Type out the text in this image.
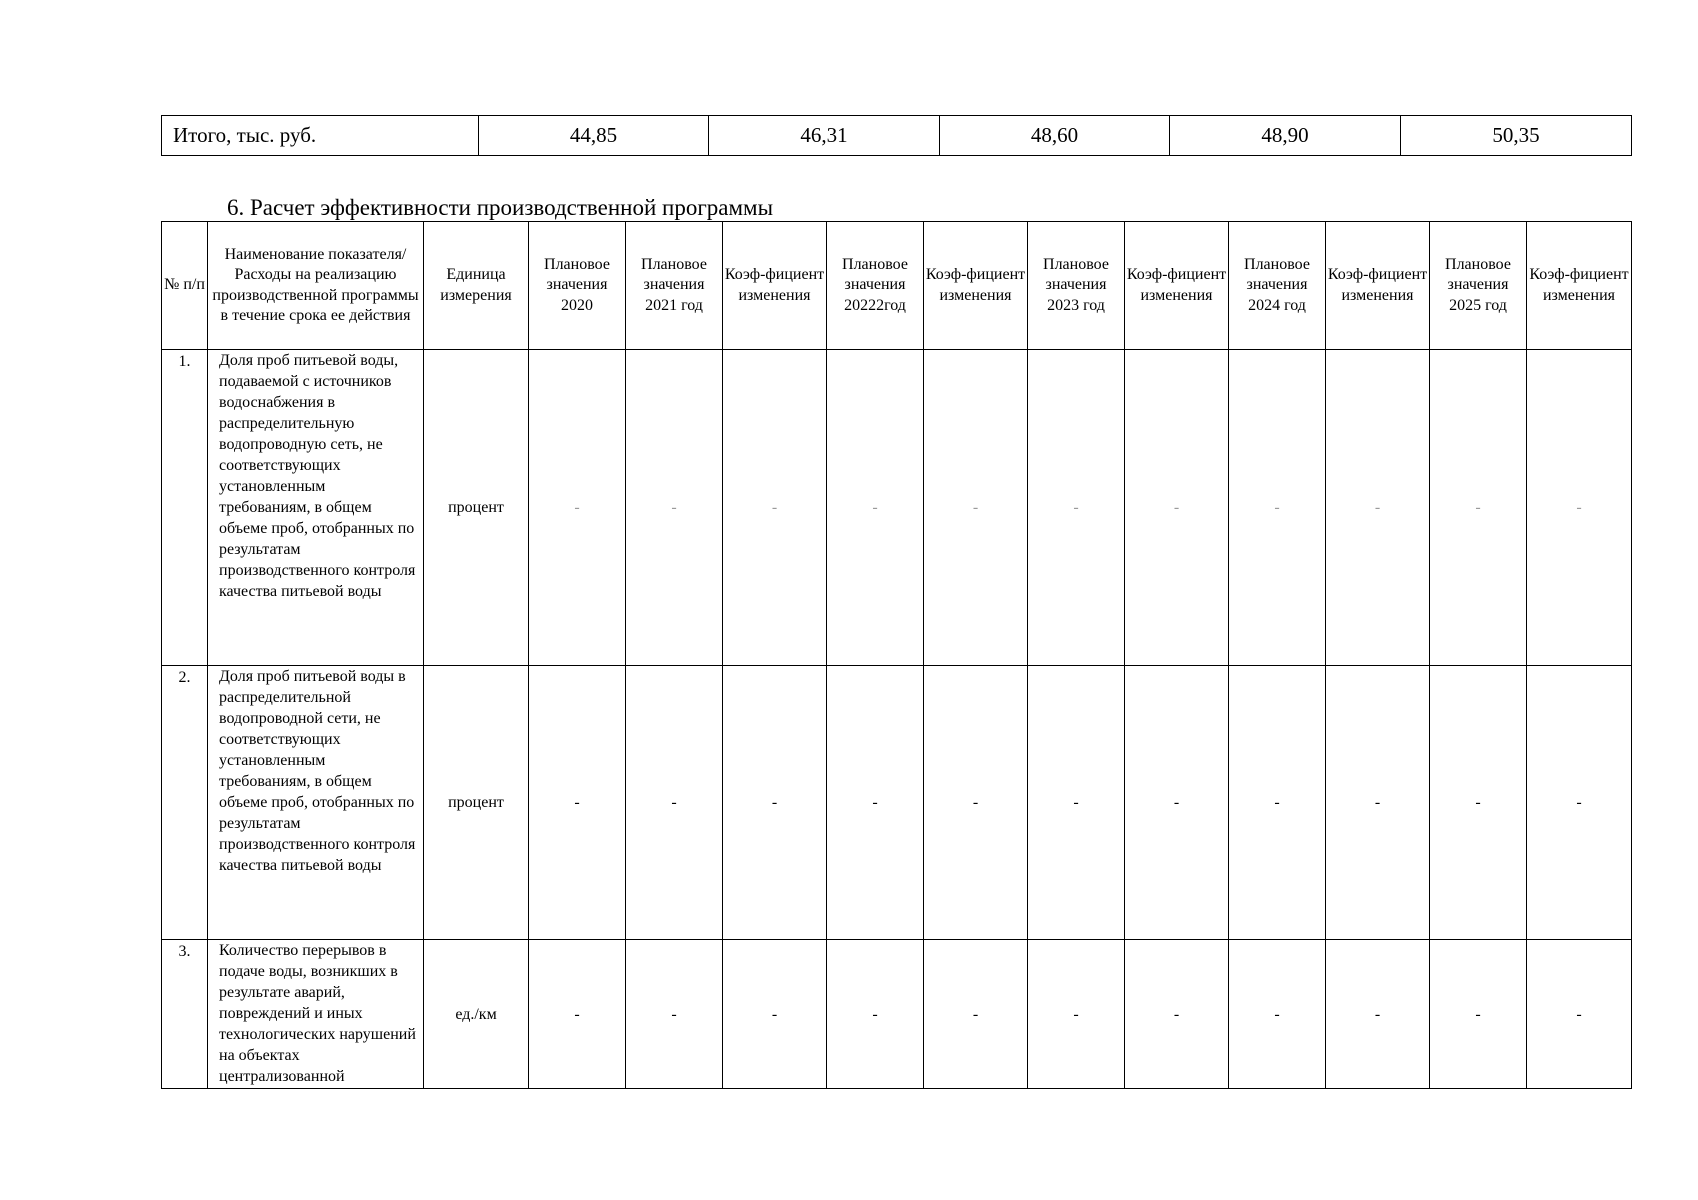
Итого, тыс. руб.	44,85	46,31	48,60	48,90	50,35
6. Расчет эффективности производственной программы
№ п/п	Наименование показателя/Расходы на реализацию производственной программы в течение срока ее действия	Единица измерения	Плановое значения 2020	Плановое значения 2021 год	Коэф-фициент изменения	Плановое значения 20222год	Коэф-фициент изменения	Плановое значения 2023 год	Коэф-фициент изменения	Плановое значения 2024 год	Коэф-фициент изменения	Плановое значения 2025 год	Коэф-фициент изменения
1.	Доля проб питьевой воды, подаваемой с источников водоснабжения в распределительную водопроводную сеть, не соответствующих установленным требованиям, в общем объеме проб, отобранных по результатам производственного контроля качества питьевой воды	процент	-	-	-	-	-	-	-	-	-	-	-
2.	Доля проб питьевой воды в распределительной водопроводной сети, не соответствующих установленным требованиям, в общем объеме проб, отобранных по результатам производственного контроля качества питьевой воды	процент	-	-	-	-	-	-	-	-	-	-	-
3.	Количество перерывов в подаче воды, возникших в результате аварий, повреждений и иных технологических нарушений на объектах централизованной	ед./км	-	-	-	-	-	-	-	-	-	-	-
